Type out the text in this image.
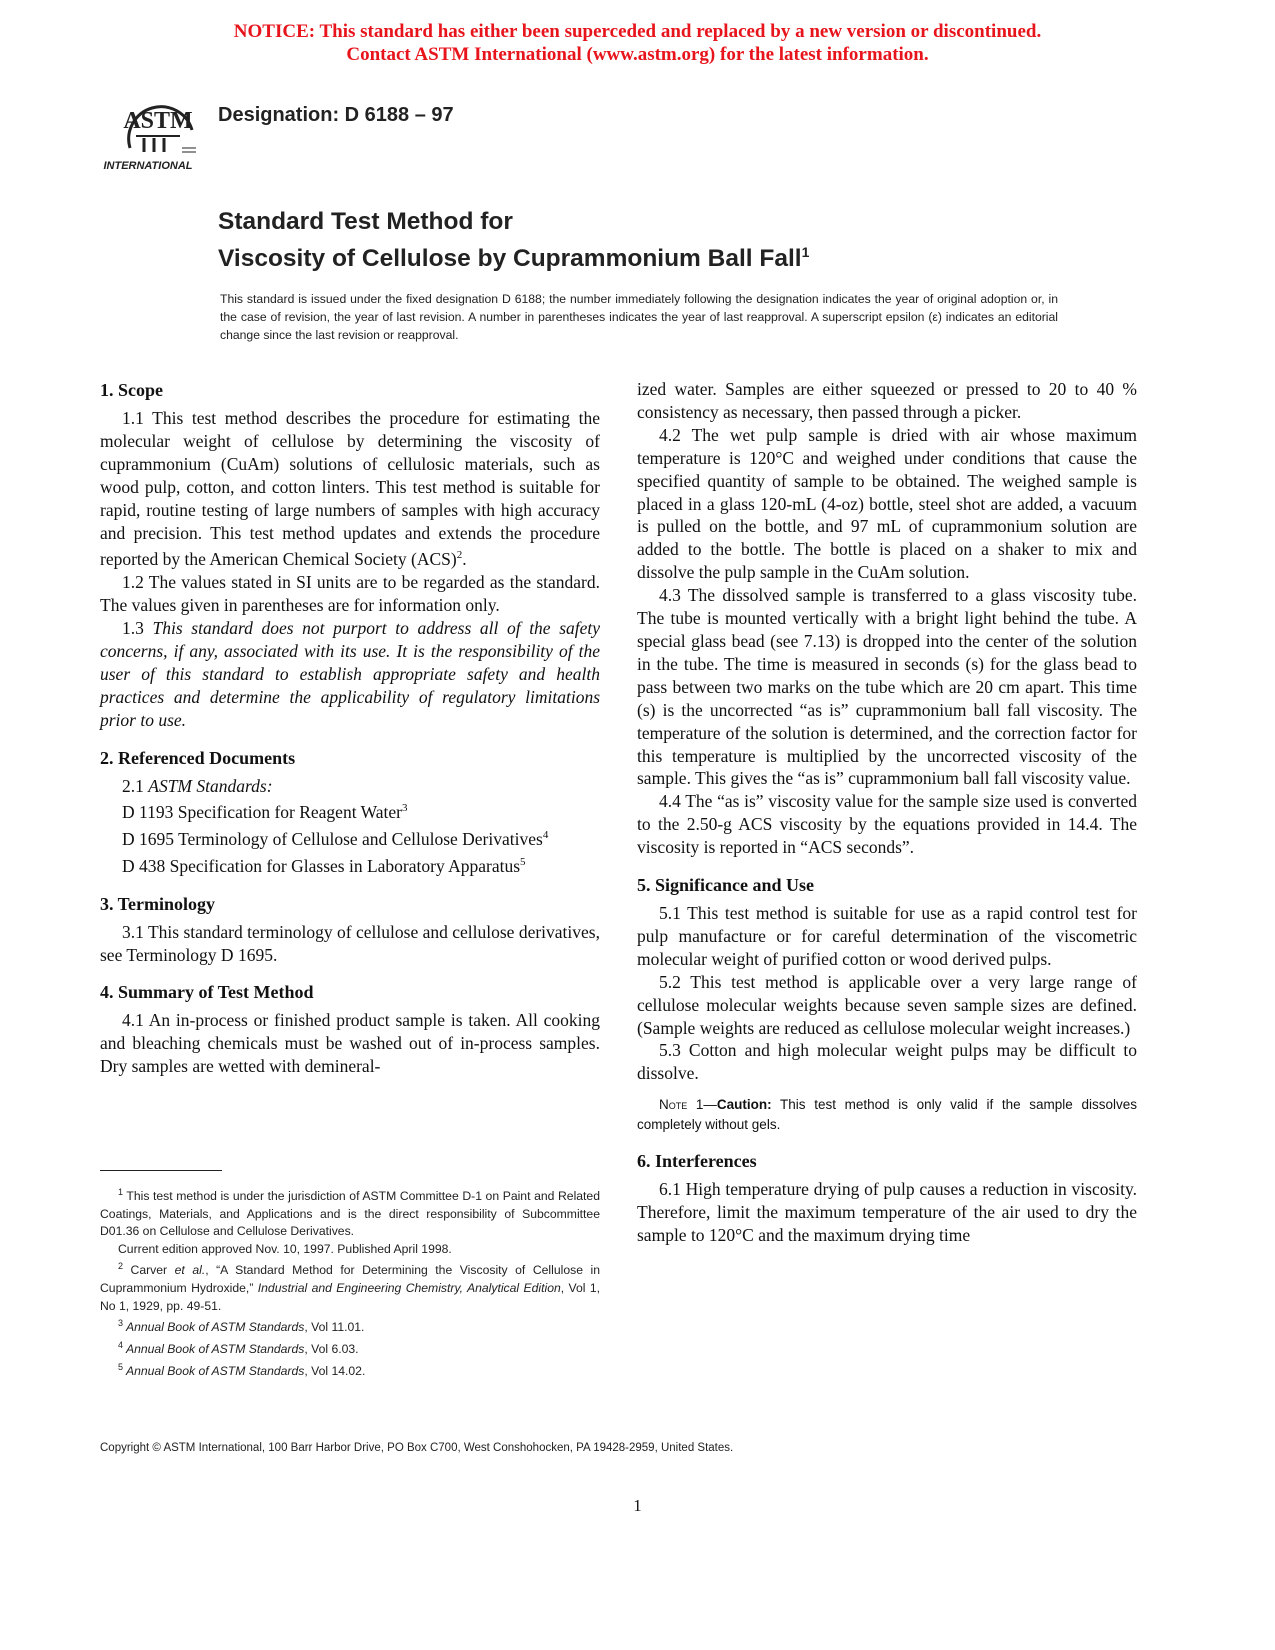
NOTICE: This standard has either been superceded and replaced by a new version or discontinued.
Contact ASTM International (www.astm.org) for the latest information.
ASTM
INTERNATIONAL
Designation: D 6188 – 97
Standard Test Method for
Viscosity of Cellulose by Cuprammonium Ball Fall$^1$

This standard is issued under the fixed designation D 6188; the number immediately following the designation indicates the year of original adoption or, in the case of revision, the year of last revision. A number in parentheses indicates the year of last reapproval. A superscript epsilon (ε) indicates an editorial change since the last revision or reapproval.

1. Scope

1.1 This test method describes the procedure for estimating the molecular weight of cellulose by determining the viscosity of cuprammonium (CuAm) solutions of cellulosic materials, such as wood pulp, cotton, and cotton linters. This test method is suitable for rapid, routine testing of large numbers of samples with high accuracy and precision. This test method updates and extends the procedure reported by the American Chemical Society (ACS)$^2$.

1.2 The values stated in SI units are to be regarded as the standard. The values given in parentheses are for information only.

1.3 This standard does not purport to address all of the safety concerns, if any, associated with its use. It is the responsibility of the user of this standard to establish appropriate safety and health practices and determine the applicability of regulatory limitations prior to use.

2. Referenced Documents

2.1 ASTM Standards:

D 1193 Specification for Reagent Water$^3$

D 1695 Terminology of Cellulose and Cellulose Derivatives$^4$

D 438 Specification for Glasses in Laboratory Apparatus$^5$

3. Terminology

3.1 This standard terminology of cellulose and cellulose derivatives, see Terminology D 1695.

4. Summary of Test Method

4.1 An in-process or finished product sample is taken. All cooking and bleaching chemicals must be washed out of in-process samples. Dry samples are wetted with demineral-

ized water. Samples are either squeezed or pressed to 20 to 40 % consistency as necessary, then passed through a picker.

4.2 The wet pulp sample is dried with air whose maximum temperature is 120°C and weighed under conditions that cause the specified quantity of sample to be obtained. The weighed sample is placed in a glass 120-mL (4-oz) bottle, steel shot are added, a vacuum is pulled on the bottle, and 97 mL of cuprammonium solution are added to the bottle. The bottle is placed on a shaker to mix and dissolve the pulp sample in the CuAm solution.

4.3 The dissolved sample is transferred to a glass viscosity tube. The tube is mounted vertically with a bright light behind the tube. A special glass bead (see 7.13) is dropped into the center of the solution in the tube. The time is measured in seconds (s) for the glass bead to pass between two marks on the tube which are 20 cm apart. This time (s) is the uncorrected “as is” cuprammonium ball fall viscosity. The temperature of the solution is determined, and the correction factor for this temperature is multiplied by the uncorrected viscosity of the sample. This gives the “as is” cuprammonium ball fall viscosity value.

4.4 The “as is” viscosity value for the sample size used is converted to the 2.50-g ACS viscosity by the equations provided in 14.4. The viscosity is reported in “ACS seconds”.

5. Significance and Use

5.1 This test method is suitable for use as a rapid control test for pulp manufacture or for careful determination of the viscometric molecular weight of purified cotton or wood derived pulps.

5.2 This test method is applicable over a very large range of cellulose molecular weights because seven sample sizes are defined. (Sample weights are reduced as cellulose molecular weight increases.)

5.3 Cotton and high molecular weight pulps may be difficult to dissolve.

Note 1—Caution: This test method is only valid if the sample dissolves completely without gels.
6. Interferences

6.1 High temperature drying of pulp causes a reduction in viscosity. Therefore, limit the maximum temperature of the air used to dry the sample to 120°C and the maximum drying time

$^1$ This test method is under the jurisdiction of ASTM Committee D-1 on Paint and Related Coatings, Materials, and Applications and is the direct responsibility of Subcommittee D01.36 on Cellulose and Cellulose Derivatives.

Current edition approved Nov. 10, 1997. Published April 1998.

$^2$ Carver et al., “A Standard Method for Determining the Viscosity of Cellulose in Cuprammonium Hydroxide,” Industrial and Engineering Chemistry, Analytical Edition, Vol 1, No 1, 1929, pp. 49-51.

$^3$ Annual Book of ASTM Standards, Vol 11.01.

$^4$ Annual Book of ASTM Standards, Vol 6.03.

$^5$ Annual Book of ASTM Standards, Vol 14.02.

Copyright © ASTM International, 100 Barr Harbor Drive, PO Box C700, West Conshohocken, PA 19428-2959, United States.
1
